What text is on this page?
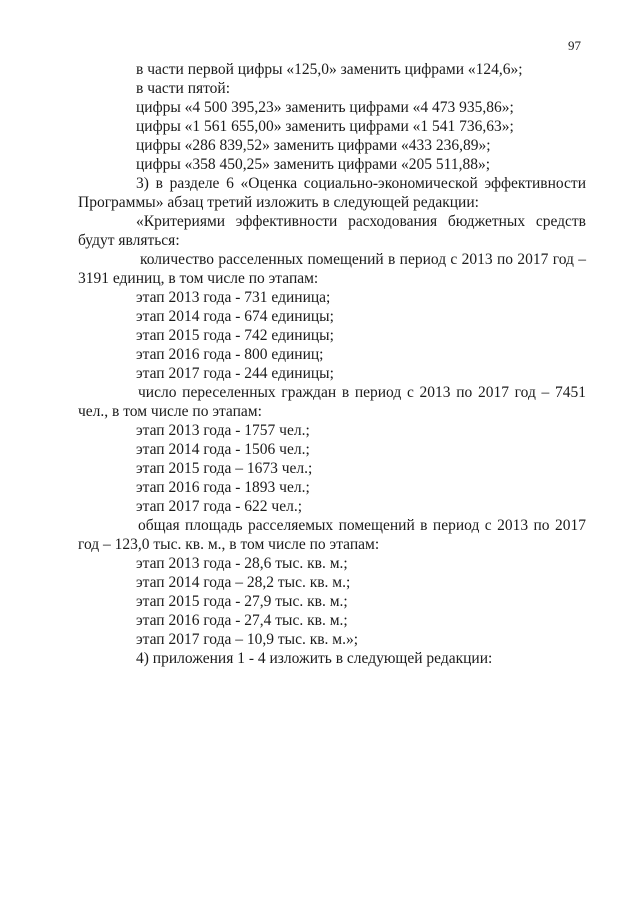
97
в части первой цифры «125,0» заменить цифрами «124,6»;
в части пятой:
цифры «4 500 395,23» заменить цифрами «4 473 935,86»;
цифры «1 561 655,00» заменить цифрами «1 541 736,63»;
цифры «286 839,52» заменить цифрами «433 236,89»;
цифры «358 450,25» заменить цифрами «205 511,88»;
3) в разделе 6 «Оценка социально-экономической эффективности
Программы» абзац третий изложить в следующей редакции:
«Критериями эффективности расходования бюджетных средств
будут являться:
количество расселенных помещений в период с 2013 по 2017 год –
3191 единиц, в том числе по этапам:
этап 2013 года - 731 единица;
этап 2014 года - 674 единицы;
этап 2015 года - 742 единицы;
этап 2016 года - 800 единиц;
этап 2017 года - 244 единицы;
число переселенных граждан в период с 2013 по 2017 год – 7451
чел., в том числе по этапам:
этап 2013 года - 1757 чел.;
этап 2014 года - 1506 чел.;
этап 2015 года – 1673 чел.;
этап 2016 года - 1893 чел.;
этап 2017 года - 622 чел.;
общая площадь расселяемых помещений в период с 2013 по 2017
год – 123,0 тыс. кв. м., в том числе по этапам:
этап 2013 года - 28,6 тыс. кв. м.;
этап 2014 года – 28,2 тыс. кв. м.;
этап 2015 года - 27,9 тыс. кв. м.;
этап 2016 года - 27,4 тыс. кв. м.;
этап 2017 года – 10,9 тыс. кв. м.»;
4) приложения 1 - 4 изложить в следующей редакции:
